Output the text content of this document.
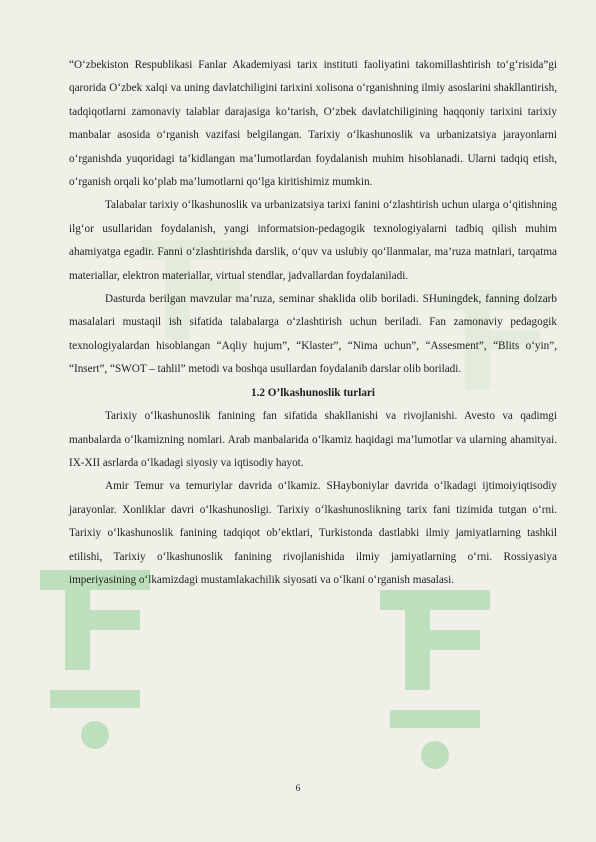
“O‘zbekiston Respublikasi Fanlar Akademiyasi tarix instituti faoliyatini takomillashtirish to‘g‘risida”gi qarorida O‘zbek xalqi va uning davlatchiligini tarixini xolisona o‘rganishning ilmiy asoslarini shakllantirish, tadqiqotlarni zamonaviy talablar darajasiga ko‘tarish, O‘zbek davlatchiligining haqqoniy tarixini tarixiy manbalar asosida o‘rganish vazifasi belgilangan. Tarixiy o‘lkashunoslik va urbanizatsiya jarayonlarni o‘rganishda yuqoridagi ta’kidlangan ma’lumotlardan foydalanish muhim hisoblanadi. Ularni tadqiq etish, o‘rganish orqali ko‘plab ma’lumotlarni qo‘lga kiritishimiz mumkin.

Talabalar tarixiy o‘lkashunoslik va urbanizatsiya tarixi fanini o‘zlashtirish uchun ularga o‘qitishning ilg‘or usullaridan foydalanish, yangi informatsion-pedagogik texnologiyalarni tadbiq qilish muhim ahamiyatga egadir. Fanni o‘zlashtirishda darslik, o‘quv va uslubiy qo‘llanmalar, ma’ruza matnlari, tarqatma materiallar, elektron materiallar, virtual stendlar, jadvallardan foydalaniladi.

Dasturda berilgan mavzular ma’ruza, seminar shaklida olib boriladi. SHuningdek, fanning dolzarb masalalari mustaqil ish sifatida talabalarga o‘zlashtirish uchun beriladi. Fan zamonaviy pedagogik texnologiyalardan hisoblangan “Aqliy hujum”, “Klaster”, “Nima uchun”, “Assesment”, “Blits o‘yin”, “Insert”, “SWOT – tahlil” metodi va boshqa usullardan foydalanib darslar olib boriladi.

1.2 O’lkashunoslik turlari

Tarixiy o‘lkashunoslik fanining fan sifatida shakllanishi va rivojlanishi. Avesto va qadimgi manbalarda o‘lkamizning nomlari. Arab manbalarida o‘lkamiz haqidagi ma’lumotlar va ularning ahamityai. IX-XII asrlarda o‘lkadagi siyosiy va iqtisodiy hayot.

Amir Temur va temuriylar davrida o‘lkamiz. SHayboniylar davrida o‘lkadagi ijtimoiyiqtisodiy jarayonlar. Xonliklar davri o‘lkashunosligi. Tarixiy o‘lkashunoslikning tarix fani tizimida tutgan o‘rni. Tarixiy o‘lkashunoslik fanining tadqiqot ob’ektlari, Turkistonda dastlabki ilmiy jamiyatlarning tashkil etilishi, Tarixiy o‘lkashunoslik fanining rivojlanishida ilmiy jamiyatlarning o‘rni. Rossiyasiya imperiyasining o‘lkamizdagi mustamlakachilik siyosati va o‘lkani o‘rganish masalasi.

6
